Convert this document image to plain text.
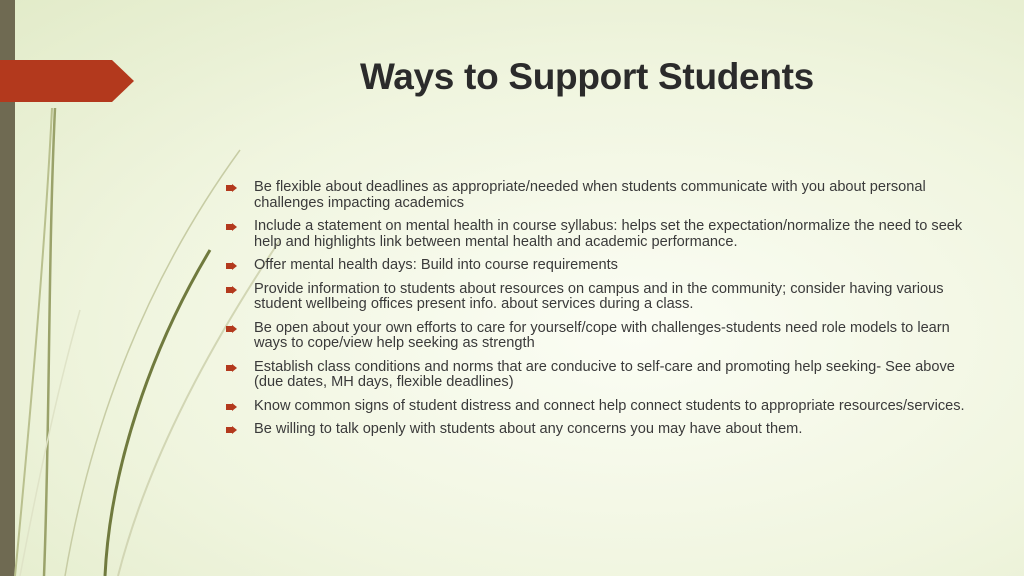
Ways to Support Students
Be flexible about deadlines as appropriate/needed when students communicate with you about personal challenges impacting academics
Include a statement on mental health in course syllabus: helps set the expectation/normalize the need to seek help and highlights link between mental health and academic performance.
Offer mental health days: Build into course requirements
Provide information to students about resources on campus and in the community; consider having various student wellbeing offices present info. about services during a class.
Be open about your own efforts to care for yourself/cope with challenges-students need role models to learn ways to cope/view help seeking as strength
Establish class conditions and norms that are conducive to self-care and promoting help seeking- See above (due dates, MH days, flexible deadlines)
Know common signs of student distress and connect help connect students to appropriate resources/services.
Be willing to talk openly with students about any concerns you may have about them.
